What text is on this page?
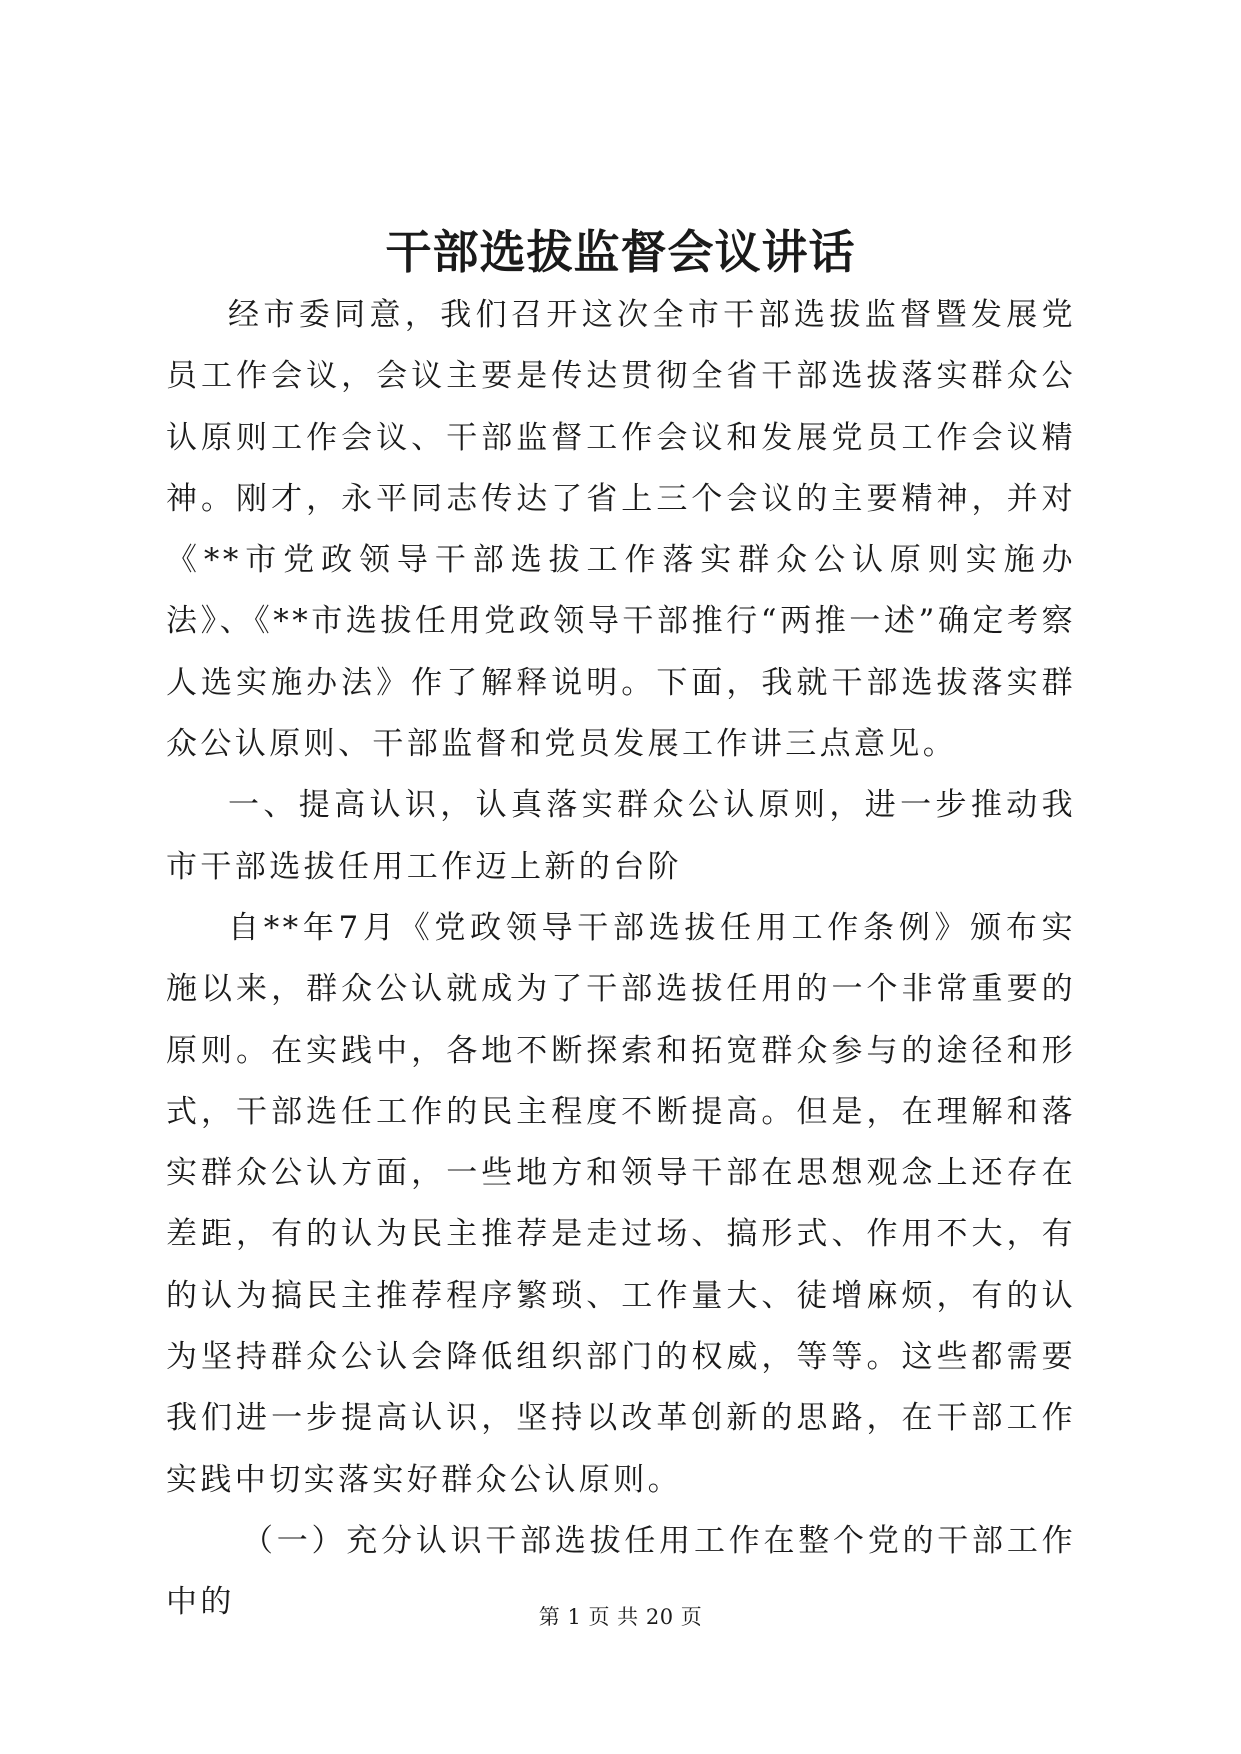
干部选拔监督会议讲话

经市委同意，我们召开这次全市干部选拔监督暨发展党员工作会议，会议主要是传达贯彻全省干部选拔落实群众公认原则工作会议、干部监督工作会议和发展党员工作会议精神。刚才，永平同志传达了省上三个会议的主要精神，并对《**市党政领导干部选拔工作落实群众公认原则实施办法》、《**市选拔任用党政领导干部推行“两推一述”确定考察人选实施办法》作了解释说明。下面，我就干部选拔落实群众公认原则、干部监督和党员发展工作讲三点意见。

一、提高认识，认真落实群众公认原则，进一步推动我市干部选拔任用工作迈上新的台阶

自**年7月《党政领导干部选拔任用工作条例》颁布实施以来，群众公认就成为了干部选拔任用的一个非常重要的原则。在实践中，各地不断探索和拓宽群众参与的途径和形式，干部选任工作的民主程度不断提高。但是，在理解和落实群众公认方面，一些地方和领导干部在思想观念上还存在差距，有的认为民主推荐是走过场、搞形式、作用不大，有的认为搞民主推荐程序繁琐、工作量大、徒增麻烦，有的认为坚持群众公认会降低组织部门的权威，等等。这些都需要我们进一步提高认识，坚持以改革创新的思路，在干部工作实践中切实落实好群众公认原则。

（一）充分认识干部选拔任用工作在整个党的干部工作中的	第 1 页 共 20 页
